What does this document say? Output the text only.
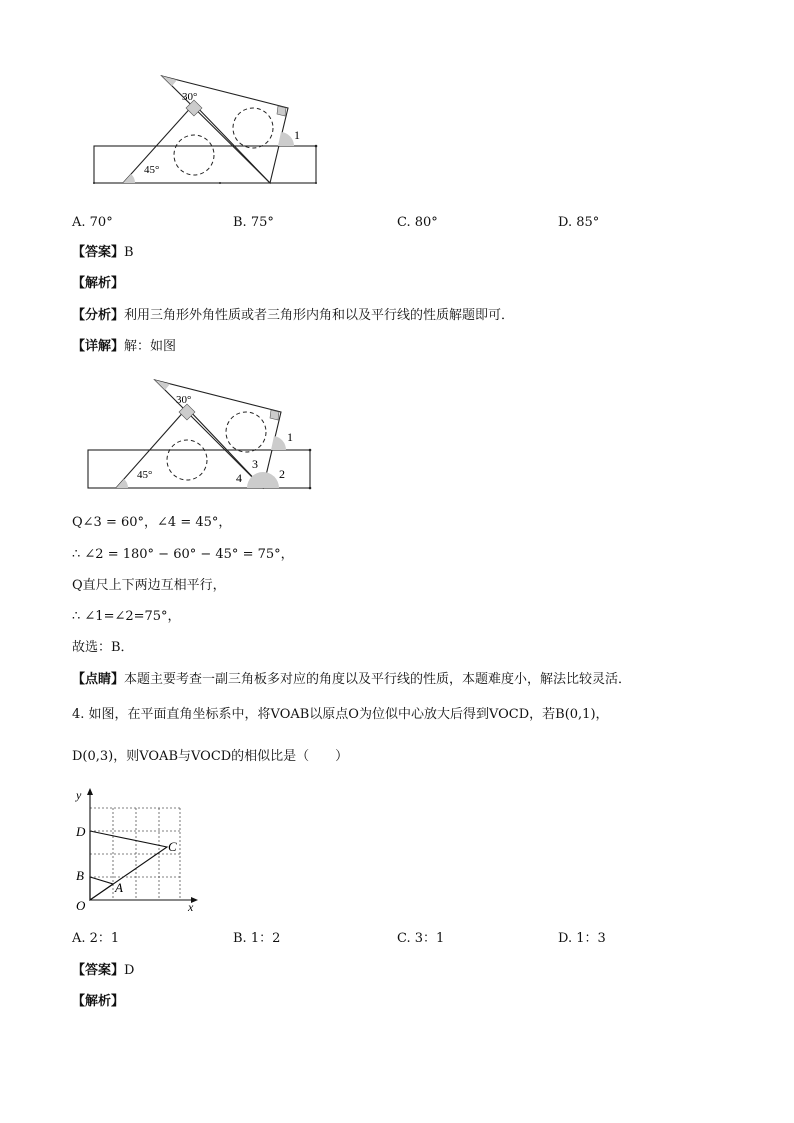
30°
45°
1
A. 70°	B. 75°	C. 80°	D. 85°
【答案】B
【解析】
【分析】利用三角形外角性质或者三角形内角和以及平行线的性质解题即可．
【详解】解：如图
30°
45°
1
2
3
4
Q∠3 = 60°，∠4 = 45°，
∴ ∠2 = 180° − 60° − 45° = 75°，
Q直尺上下两边互相平行，
∴ ∠1=∠2=75°，
故选：B．
【点睛】本题主要考查一副三角板多对应的角度以及平行线的性质，本题难度小，解法比较灵活．
4. 如图，在平面直角坐标系中，将VOAB以原点O为位似中心放大后得到VOCD，若B(0,1)，
D(0,3)，则VOAB与VOCD的相似比是（　　）
y
x
O
D
B
A
C
A. 2：1	B. 1：2	C. 3：1	D. 1：3
【答案】D
【解析】
